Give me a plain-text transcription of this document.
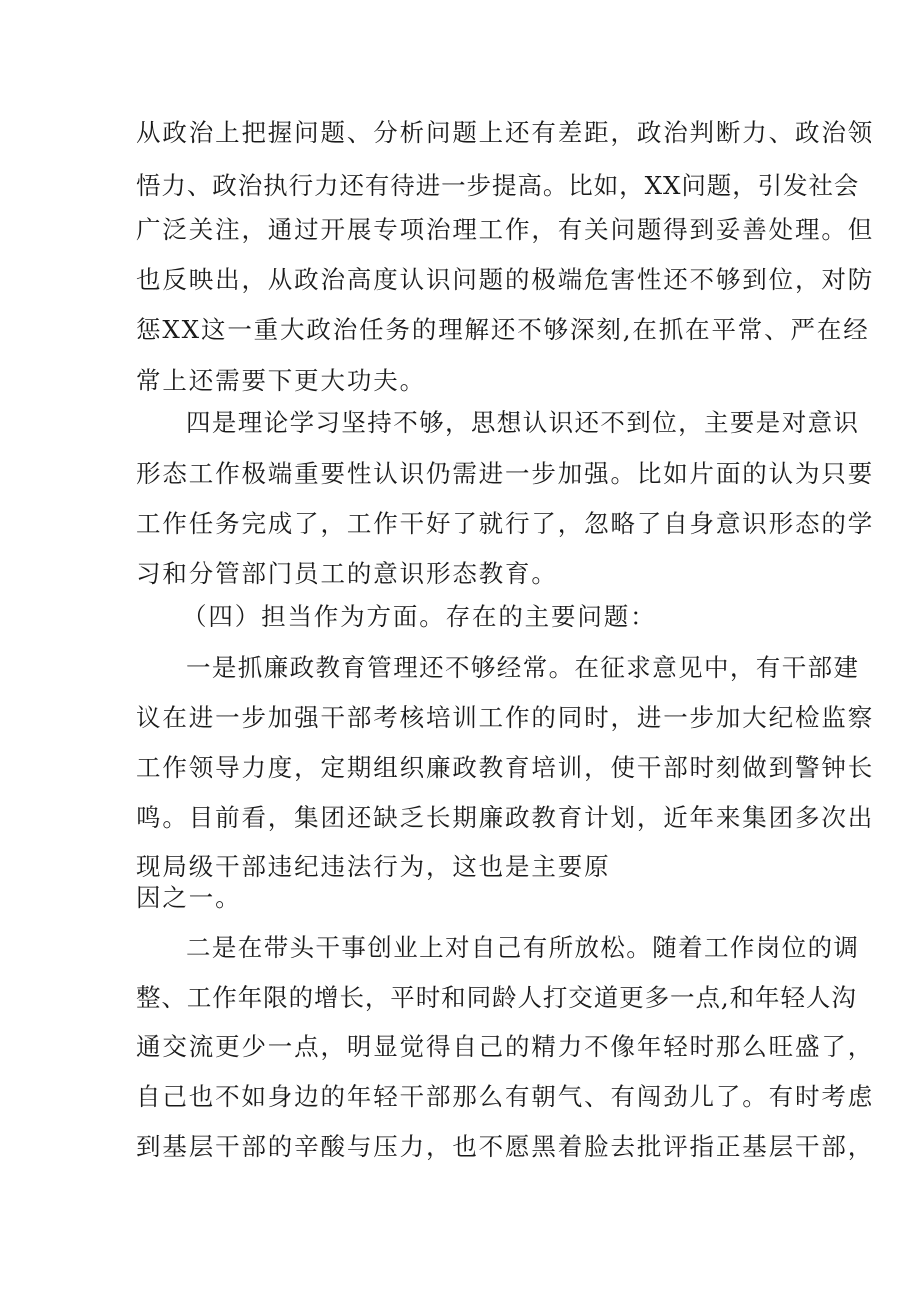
从政治上把握问题、分析问题上还有差距，政治判断力、政治领

悟力、政治执行力还有待进一步提高。比如，XX问题，引发社会

广泛关注，通过开展专项治理工作，有关问题得到妥善处理。但

也反映出，从政治高度认识问题的极端危害性还不够到位，对防

惩XX这一重大政治任务的理解还不够深刻,在抓在平常、严在经

常上还需要下更大功夫。

四是理论学习坚持不够，思想认识还不到位，主要是对意识

形态工作极端重要性认识仍需进一步加强。比如片面的认为只要

工作任务完成了，工作干好了就行了，忽略了自身意识形态的学

习和分管部门员工的意识形态教育。

（四）担当作为方面。存在的主要问题：

一是抓廉政教育管理还不够经常。在征求意见中，有干部建

议在进一步加强干部考核培训工作的同时，进一步加大纪检监察

工作领导力度，定期组织廉政教育培训，使干部时刻做到警钟长

鸣。目前看，集团还缺乏长期廉政教育计划，近年来集团多次出

现局级干部违纪违法行为，这也是主要原

因之一。

二是在带头干事创业上对自己有所放松。随着工作岗位的调

整、工作年限的增长，平时和同龄人打交道更多一点,和年轻人沟

通交流更少一点，明显觉得自己的精力不像年轻时那么旺盛了，

自己也不如身边的年轻干部那么有朝气、有闯劲儿了。有时考虑

到基层干部的辛酸与压力，也不愿黑着脸去批评指正基层干部，
